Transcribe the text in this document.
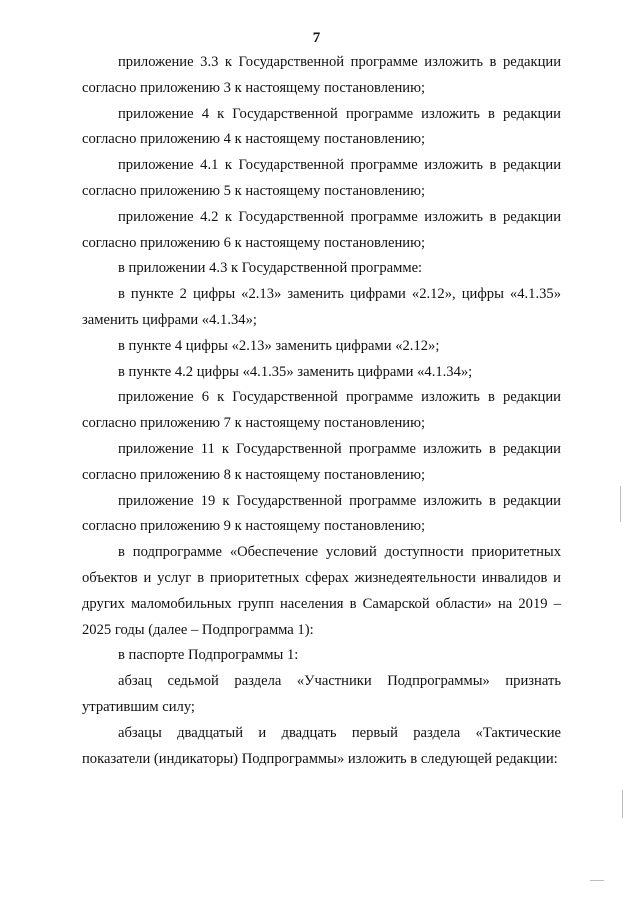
7

приложение 3.3 к Государственной программе изложить в редакции согласно приложению 3 к настоящему постановлению;

приложение 4 к Государственной программе изложить в редакции согласно приложению 4 к настоящему постановлению;

приложение 4.1 к Государственной программе изложить в редакции согласно приложению 5 к настоящему постановлению;

приложение 4.2 к Государственной программе изложить в редакции согласно приложению 6 к настоящему постановлению;

в приложении 4.3 к Государственной программе:

в пункте 2 цифры «2.13» заменить цифрами «2.12», цифры «4.1.35» заменить цифрами «4.1.34»;

в пункте 4 цифры «2.13» заменить цифрами «2.12»;

в пункте 4.2 цифры «4.1.35» заменить цифрами «4.1.34»;

приложение 6 к Государственной программе изложить в редакции согласно приложению 7 к настоящему постановлению;

приложение 11 к Государственной программе изложить в редакции согласно приложению 8 к настоящему постановлению;

приложение 19 к Государственной программе изложить в редакции согласно приложению 9 к настоящему постановлению;

в подпрограмме «Обеспечение условий доступности приоритетных объектов и услуг в приоритетных сферах жизнедеятельности инвалидов и других маломобильных групп населения в Самарской области» на 2019 – 2025 годы (далее – Подпрограмма 1):

в паспорте Подпрограммы 1:

абзац седьмой раздела «Участники Подпрограммы» признать утратившим силу;

абзацы двадцатый и двадцать первый раздела «Тактические показатели (индикаторы) Подпрограммы» изложить в следующей редакции:
